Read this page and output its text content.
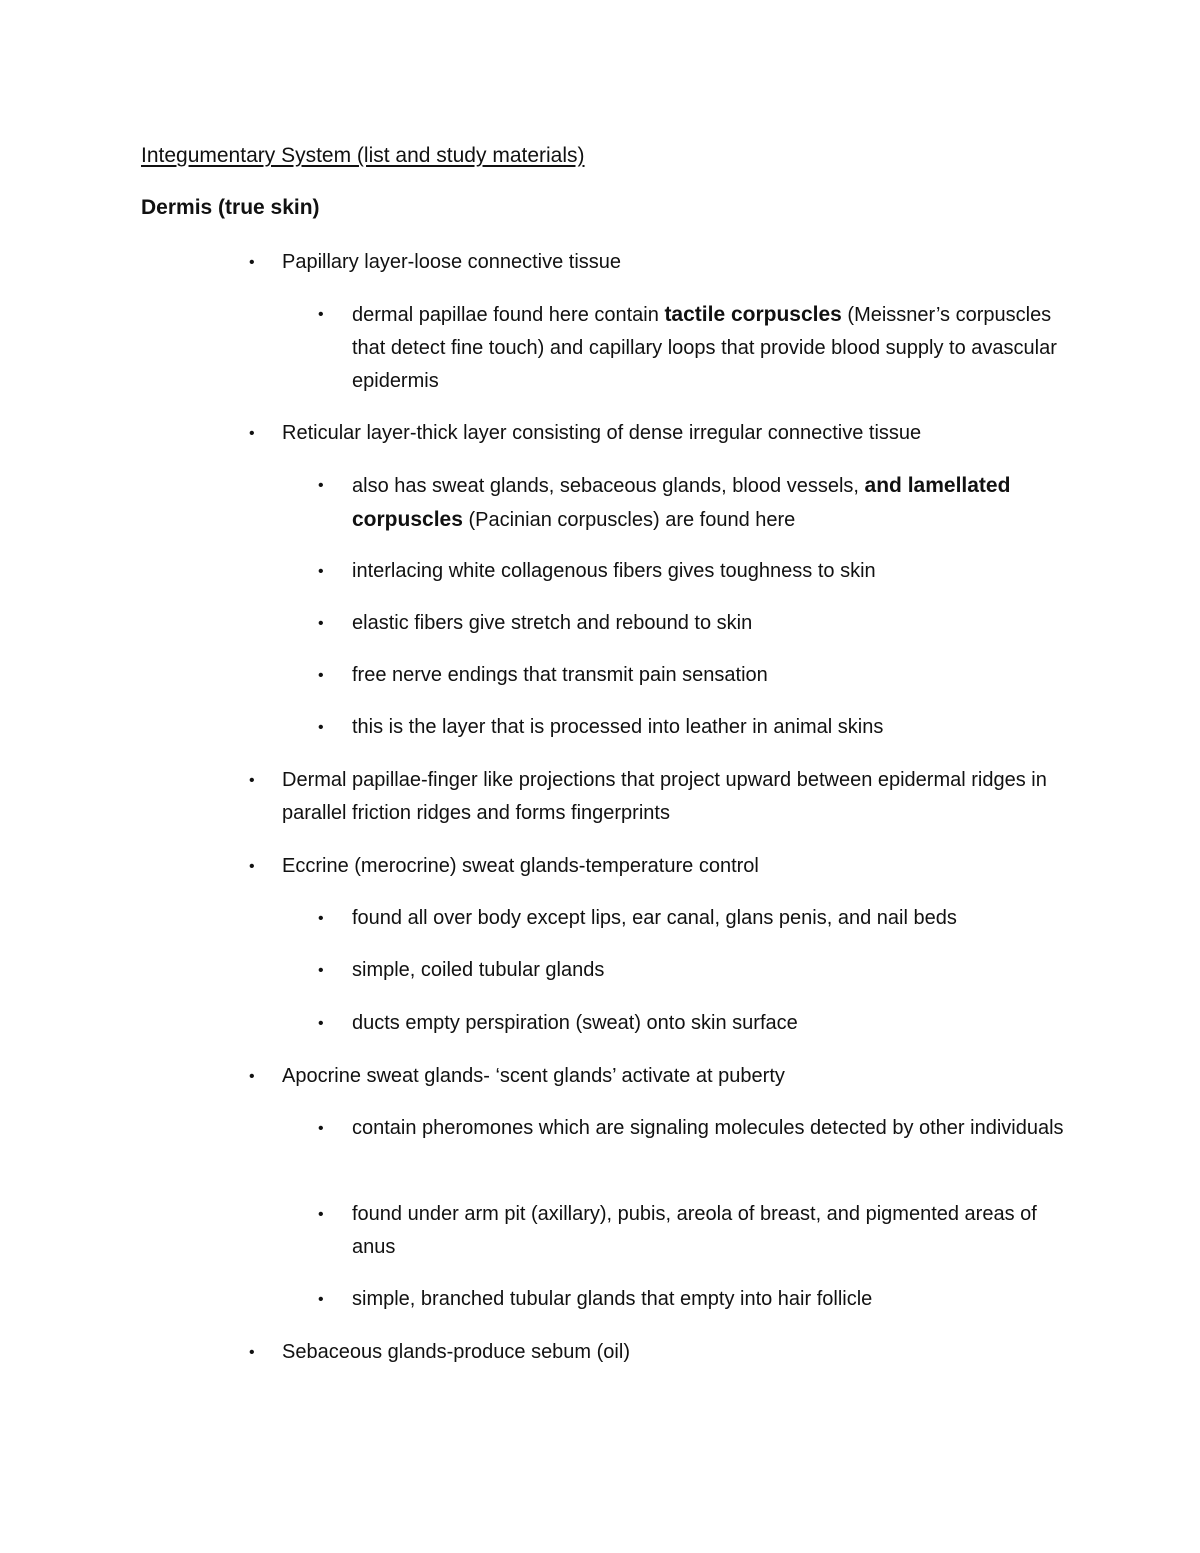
Integumentary System (list and study materials)
Dermis (true skin)

• Papillary layer-loose connective tissue

• dermal papillae found here contain tactile corpuscles (Meissner’s corpuscles that detect fine touch) and capillary loops that provide blood supply to avascular epidermis

• Reticular layer-thick layer consisting of dense irregular connective tissue

• also has sweat glands, sebaceous glands, blood vessels, and lamellated corpuscles (Pacinian corpuscles) are found here

• interlacing white collagenous fibers gives toughness to skin

• elastic fibers give stretch and rebound to skin

• free nerve endings that transmit pain sensation

• this is the layer that is processed into leather in animal skins

• Dermal papillae-finger like projections that project upward between epidermal ridges in parallel friction ridges and forms fingerprints

• Eccrine (merocrine) sweat glands-temperature control

• found all over body except lips, ear canal, glans penis, and nail beds

• simple, coiled tubular glands

• ducts empty perspiration (sweat) onto skin surface

• Apocrine sweat glands- ‘scent glands’ activate at puberty

• contain pheromones which are signaling molecules detected by other individuals

• found under arm pit (axillary), pubis, areola of breast, and pigmented areas of anus

• simple, branched tubular glands that empty into hair follicle

• Sebaceous glands-produce sebum (oil)
